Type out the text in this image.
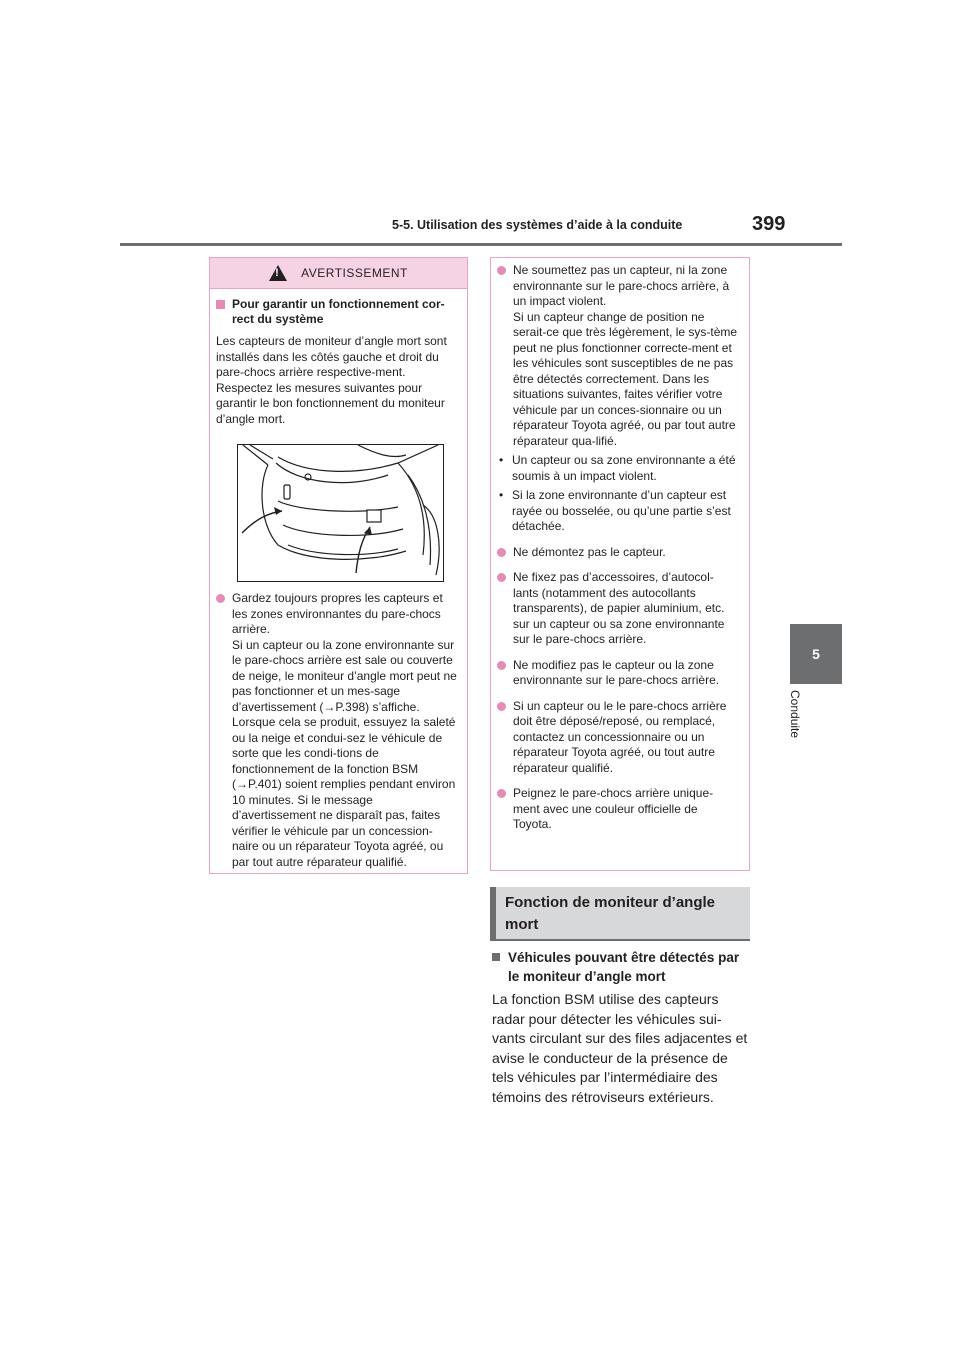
5-5. Utilisation des systèmes d’aide à la conduite	399
5
Conduite
!
AVERTISSEMENT
Pour garantir un fonctionnement cor-rect du système
Les capteurs de moniteur d’angle mort sont installés dans les côtés gauche et droit du pare-chocs arrière respective-ment. Respectez les mesures suivantes pour garantir le bon fonctionnement du moniteur d’angle mort.
Gardez toujours propres les capteurs et les zones environnantes du pare-chocs arrière.
Si un capteur ou la zone environnante sur le pare-chocs arrière est sale ou couverte de neige, le moniteur d’angle mort peut ne pas fonctionner et un mes-sage d’avertissement (→P.398) s’affiche. Lorsque cela se produit, essuyez la saleté ou la neige et condui-sez le véhicule de sorte que les condi-tions de fonctionnement de la fonction BSM (→P.401) soient remplies pendant environ 10 minutes. Si le message d’avertissement ne disparaît pas, faites vérifier le véhicule par un concession-naire ou un réparateur Toyota agréé, ou par tout autre réparateur qualifié.
Ne soumettez pas un capteur, ni la zone environnante sur le pare-chocs arrière, à un impact violent.
Si un capteur change de position ne serait-ce que très légèrement, le sys-tème peut ne plus fonctionner correcte-ment et les véhicules sont susceptibles de ne pas être détectés correctement. Dans les situations suivantes, faites vérifier votre véhicule par un conces-sionnaire ou un réparateur Toyota agréé, ou par tout autre réparateur qua-lifié.
• Un capteur ou sa zone environnante a été soumis à un impact violent.
• Si la zone environnante d’un capteur est rayée ou bosselée, ou qu’une partie s’est détachée.
Ne démontez pas le capteur.
Ne fixez pas d’accessoires, d’autocol-lants (notamment des autocollants transparents), de papier aluminium, etc. sur un capteur ou sa zone environnante sur le pare-chocs arrière.
Ne modifiez pas le capteur ou la zone environnante sur le pare-chocs arrière.
Si un capteur ou le le pare-chocs arrière doit être déposé/reposé, ou remplacé, contactez un concessionnaire ou un réparateur Toyota agréé, ou tout autre réparateur qualifié.
Peignez le pare-chocs arrière unique-ment avec une couleur officielle de Toyota.
Fonction de moniteur d’angle mort
Véhicules pouvant être détectés par le moniteur d’angle mort
La fonction BSM utilise des capteurs radar pour détecter les véhicules sui-vants circulant sur des files adjacentes et avise le conducteur de la présence de tels véhicules par l’intermédiaire des témoins des rétroviseurs extérieurs.
